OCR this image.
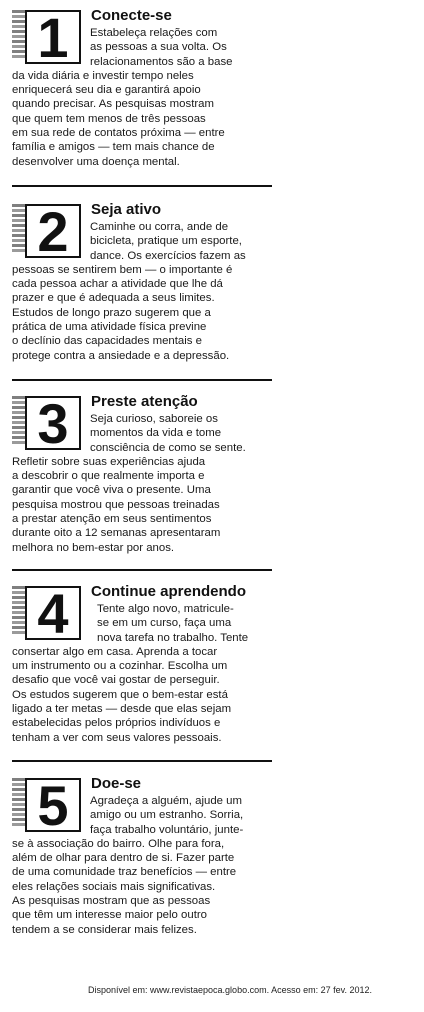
1	Conecte-se
Estabeleça relações com
as pessoas a sua volta. Os
relacionamentos são a base
da vida diária e investir tempo neles
enriquecerá seu dia e garantirá apoio
quando precisar. As pesquisas mostram
que quem tem menos de três pessoas
em sua rede de contatos próxima — entre
família e amigos — tem mais chance de
desenvolver uma doença mental.
2	Seja ativo
Caminhe ou corra, ande de
bicicleta, pratique um esporte,
dance. Os exercícios fazem as
pessoas se sentirem bem — o importante é
cada pessoa achar a atividade que lhe dá
prazer e que é adequada a seus limites.
Estudos de longo prazo sugerem que a
prática de uma atividade física previne
o declínio das capacidades mentais e
protege contra a ansiedade e a depressão.
3	Preste atenção
Seja curioso, saboreie os
momentos da vida e tome
consciência de como se sente.
Refletir sobre suas experiências ajuda
a descobrir o que realmente importa e
garantir que você viva o presente. Uma
pesquisa mostrou que pessoas treinadas
a prestar atenção em seus sentimentos
durante oito a 12 semanas apresentaram
melhora no bem-estar por anos.
4	Continue aprendendo
Tente algo novo, matricule-
se em um curso, faça uma
nova tarefa no trabalho. Tente
consertar algo em casa. Aprenda a tocar
um instrumento ou a cozinhar. Escolha um
desafio que você vai gostar de perseguir.
Os estudos sugerem que o bem-estar está
ligado a ter metas — desde que elas sejam
estabelecidas pelos próprios indivíduos e
tenham a ver com seus valores pessoais.
5	Doe-se
Agradeça a alguém, ajude um
amigo ou um estranho. Sorria,
faça trabalho voluntário, junte-
se à associação do bairro. Olhe para fora,
além de olhar para dentro de si. Fazer parte
de uma comunidade traz benefícios — entre
eles relações sociais mais significativas.
As pesquisas mostram que as pessoas
que têm um interesse maior pelo outro
tendem a se considerar mais felizes.
Disponível em: www.revistaepoca.globo.com. Acesso em: 27 fev. 2012.
